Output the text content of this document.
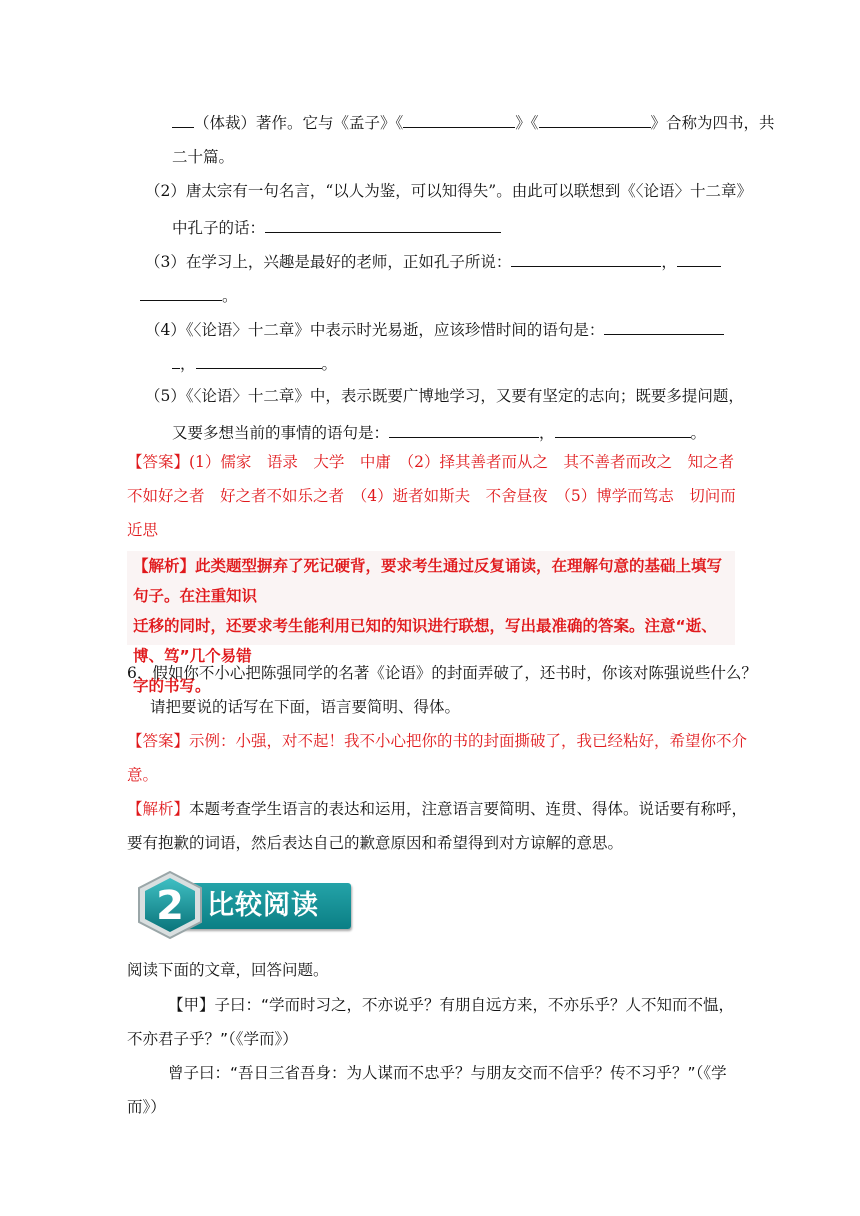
（体裁）著作。它与《孟子》《	》《	》合称为四书，共
二十篇。
（2）唐太宗有一句名言，“以人为鉴，可以知得失”。由此可以联想到《〈论语〉十二章》
中孔子的话：
（3）在学习上，兴趣是最好的老师，正如孔子所说：	，
。
（4）《〈论语〉十二章》中表示时光易逝，应该珍惜时间的语句是：
，	。
（5）《〈论语〉十二章》中，表示既要广博地学习，又要有坚定的志向；既要多提问题，
又要多想当前的事情的语句是：	，	。
【答案】(1）儒家　语录　大学　中庸　（2）择其善者而从之　其不善者而改之　知之者
不如好之者　好之者不如乐之者　（4）逝者如斯夫　不舍昼夜　（5）博学而笃志　切问而
近思
【解析】此类题型摒弃了死记硬背，要求考生通过反复诵读，在理解句意的基础上填写句子。在注重知识
迁移的同时，还要求考生能利用已知的知识进行联想，写出最准确的答案。注意“逝、博、笃”几个易错
字的书写。
6．假如你不小心把陈强同学的名著《论语》的封面弄破了，还书时，你该对陈强说些什么？
请把要说的话写在下面，语言要简明、得体。
【答案】示例：小强，对不起！我不小心把你的书的封面撕破了，我已经粘好，希望你不介
意。
【解析】本题考查学生语言的表达和运用，注意语言要简明、连贯、得体。说话要有称呼，
要有抱歉的词语，然后表达自己的歉意原因和希望得到对方谅解的意思。
2 比较阅读
阅读下面的文章，回答问题。
【甲】子曰：“学而时习之，不亦说乎？有朋自远方来，不亦乐乎？人不知而不愠，
不亦君子乎？”（《学而》）
曾子曰：“吾日三省吾身：为人谋而不忠乎？与朋友交而不信乎？传不习乎？”（《学
而》）
